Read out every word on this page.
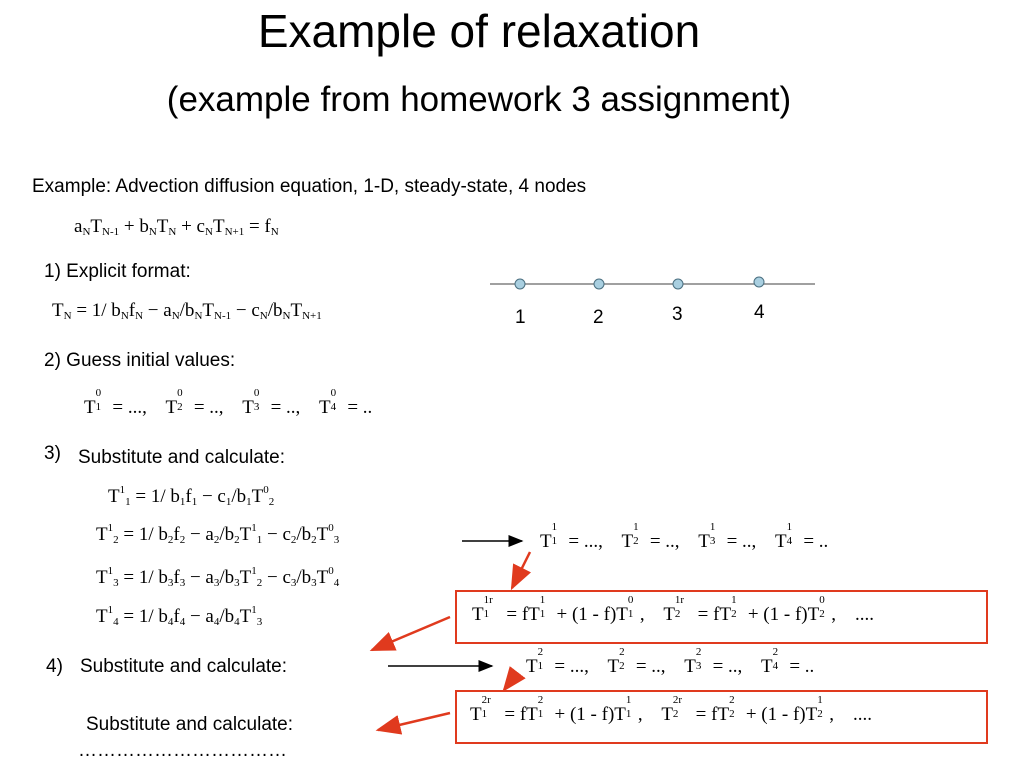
Example of relaxation
(example from homework 3 assignment)
Example: Advection diffusion equation, 1-D, steady-state, 4 nodes
$a_NT_{N-1} + b_NT_N + c_NT_{N+1} = f_N$
1) Explicit format:
$T_N = 1/$ $b_Nf_N - a_N/b_NT_{N-1} - c_N/b_NT_{N+1}$	1	2	3	4
2) Guess initial values:
T
0
1 = ...,    T
0
2 = ..,    T
0
3 = ..,    T
0
4 = ..
3) Substitute and calculate:
$T^1_1 = 1/$ $b_1f_1 - c_1/b_1T^0_2$
$T^1_2 = 1/$ $b_2f_2 - a_2/b_2T^1_1 - c_2/b_2T^0_3$
$T^1_3 = 1/$ $b_3f_3 - a_3/b_3T^1_2 - c_3/b_3T^0_4$
$T^1_4 = 1/$ $b_4f_4 - a_4/b_4T^1_3$
T
1
1 = ...,    T
1
2 = ..,    T
1
3 = ..,    T
1
4 = ..
T
1r
1 = fT
1
1 + (1 - f)T
0
1 ,    T
1r
2 = fT
1
2 + (1 - f)T
0
2 ,    ....
4) Substitute and calculate:	T
2
1 = ...,    T
2
2 = ..,    T
2
3 = ..,    T
2
4 = ..
T
2r
1 = fT
2
1 + (1 - f)T
1
1 ,    T
2r
2 = fT
2
2 + (1 - f)T
1
2 ,    ....
Substitute and calculate:
……………………………
